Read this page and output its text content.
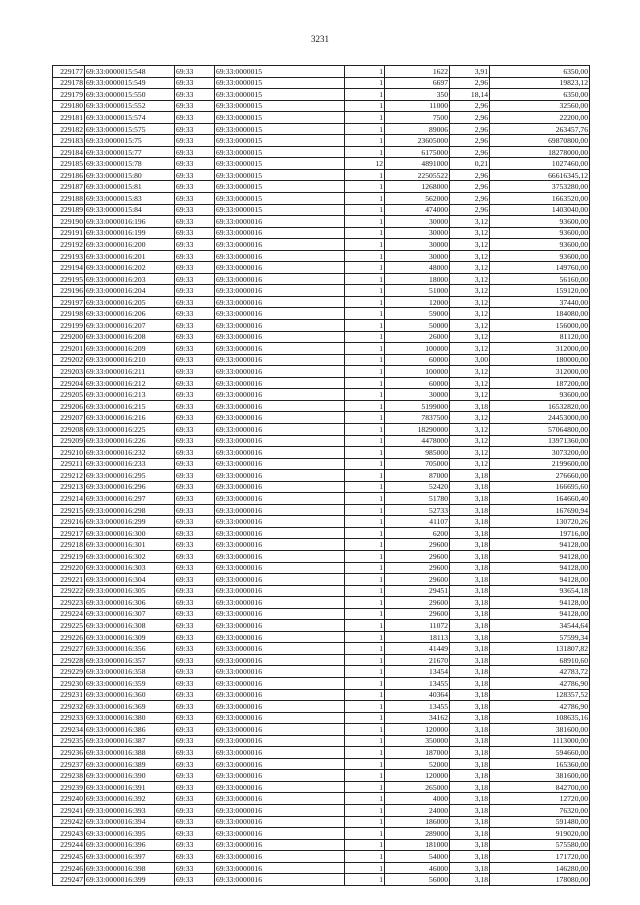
3231
229177	69:33:0000015:548	69:33	69:33:0000015	1	1622	3,91	6350,00
229178	69:33:0000015:549	69:33	69:33:0000015	1	6697	2,96	19823,12
229179	69:33:0000015:550	69:33	69:33:0000015	1	350	18,14	6350,00
229180	69:33:0000015:552	69:33	69:33:0000015	1	11000	2,96	32560,00
229181	69:33:0000015:574	69:33	69:33:0000015	1	7500	2,96	22200,00
229182	69:33:0000015:575	69:33	69:33:0000015	1	89006	2,96	263457,76
229183	69:33:0000015:75	69:33	69:33:0000015	1	23605000	2,96	69870800,00
229184	69:33:0000015:77	69:33	69:33:0000015	1	6175000	2,96	18278000,00
229185	69:33:0000015:78	69:33	69:33:0000015	12	4891000	0,21	1027460,00
229186	69:33:0000015:80	69:33	69:33:0000015	1	22505522	2,96	66616345,12
229187	69:33:0000015:81	69:33	69:33:0000015	1	1268000	2,96	3753280,00
229188	69:33:0000015:83	69:33	69:33:0000015	1	562000	2,96	1663520,00
229189	69:33:0000015:84	69:33	69:33:0000015	1	474000	2,96	1403040,00
229190	69:33:0000016:196	69:33	69:33:0000016	1	30000	3,12	93600,00
229191	69:33:0000016:199	69:33	69:33:0000016	1	30000	3,12	93600,00
229192	69:33:0000016:200	69:33	69:33:0000016	1	30000	3,12	93600,00
229193	69:33:0000016:201	69:33	69:33:0000016	1	30000	3,12	93600,00
229194	69:33:0000016:202	69:33	69:33:0000016	1	48000	3,12	149760,00
229195	69:33:0000016:203	69:33	69:33:0000016	1	18000	3,12	56160,00
229196	69:33:0000016:204	69:33	69:33:0000016	1	51000	3,12	159120,00
229197	69:33:0000016:205	69:33	69:33:0000016	1	12000	3,12	37440,00
229198	69:33:0000016:206	69:33	69:33:0000016	1	59000	3,12	184080,00
229199	69:33:0000016:207	69:33	69:33:0000016	1	50000	3,12	156000,00
229200	69:33:0000016:208	69:33	69:33:0000016	1	26000	3,12	81120,00
229201	69:33:0000016:209	69:33	69:33:0000016	1	100000	3,12	312000,00
229202	69:33:0000016:210	69:33	69:33:0000016	1	60000	3,00	180000,00
229203	69:33:0000016:211	69:33	69:33:0000016	1	100000	3,12	312000,00
229204	69:33:0000016:212	69:33	69:33:0000016	1	60000	3,12	187200,00
229205	69:33:0000016:213	69:33	69:33:0000016	1	30000	3,12	93600,00
229206	69:33:0000016:215	69:33	69:33:0000016	1	5199000	3,18	16532820,00
229207	69:33:0000016:216	69:33	69:33:0000016	1	7837500	3,12	24453000,00
229208	69:33:0000016:225	69:33	69:33:0000016	1	18290000	3,12	57064800,00
229209	69:33:0000016:226	69:33	69:33:0000016	1	4478000	3,12	13971360,00
229210	69:33:0000016:232	69:33	69:33:0000016	1	985000	3,12	3073200,00
229211	69:33:0000016:233	69:33	69:33:0000016	1	705000	3,12	2199600,00
229212	69:33:0000016:295	69:33	69:33:0000016	1	87000	3,18	276660,00
229213	69:33:0000016:296	69:33	69:33:0000016	1	52420	3,18	166695,60
229214	69:33:0000016:297	69:33	69:33:0000016	1	51780	3,18	164660,40
229215	69:33:0000016:298	69:33	69:33:0000016	1	52733	3,18	167690,94
229216	69:33:0000016:299	69:33	69:33:0000016	1	41107	3,18	130720,26
229217	69:33:0000016:300	69:33	69:33:0000016	1	6200	3,18	19716,00
229218	69:33:0000016:301	69:33	69:33:0000016	1	29600	3,18	94128,00
229219	69:33:0000016:302	69:33	69:33:0000016	1	29600	3,18	94128,00
229220	69:33:0000016:303	69:33	69:33:0000016	1	29600	3,18	94128,00
229221	69:33:0000016:304	69:33	69:33:0000016	1	29600	3,18	94128,00
229222	69:33:0000016:305	69:33	69:33:0000016	1	29451	3,18	93654,18
229223	69:33:0000016:306	69:33	69:33:0000016	1	29600	3,18	94128,00
229224	69:33:0000016:307	69:33	69:33:0000016	1	29600	3,18	94128,00
229225	69:33:0000016:308	69:33	69:33:0000016	1	11072	3,18	34544,64
229226	69:33:0000016:309	69:33	69:33:0000016	1	18113	3,18	57599,34
229227	69:33:0000016:356	69:33	69:33:0000016	1	41449	3,18	131807,82
229228	69:33:0000016:357	69:33	69:33:0000016	1	21670	3,18	68910,60
229229	69:33:0000016:358	69:33	69:33:0000016	1	13454	3,18	42783,72
229230	69:33:0000016:359	69:33	69:33:0000016	1	13455	3,18	42786,90
229231	69:33:0000016:360	69:33	69:33:0000016	1	40364	3,18	128357,52
229232	69:33:0000016:369	69:33	69:33:0000016	1	13455	3,18	42786,90
229233	69:33:0000016:380	69:33	69:33:0000016	1	34162	3,18	108635,16
229234	69:33:0000016:386	69:33	69:33:0000016	1	120000	3,18	381600,00
229235	69:33:0000016:387	69:33	69:33:0000016	1	350000	3,18	1113000,00
229236	69:33:0000016:388	69:33	69:33:0000016	1	187000	3,18	594660,00
229237	69:33:0000016:389	69:33	69:33:0000016	1	52000	3,18	165360,00
229238	69:33:0000016:390	69:33	69:33:0000016	1	120000	3,18	381600,00
229239	69:33:0000016:391	69:33	69:33:0000016	1	265000	3,18	842700,00
229240	69:33:0000016:392	69:33	69:33:0000016	1	4000	3,18	12720,00
229241	69:33:0000016:393	69:33	69:33:0000016	1	24000	3,18	76320,00
229242	69:33:0000016:394	69:33	69:33:0000016	1	186000	3,18	591480,00
229243	69:33:0000016:395	69:33	69:33:0000016	1	289000	3,18	919020,00
229244	69:33:0000016:396	69:33	69:33:0000016	1	181000	3,18	575580,00
229245	69:33:0000016:397	69:33	69:33:0000016	1	54000	3,18	171720,00
229246	69:33:0000016:398	69:33	69:33:0000016	1	46000	3,18	146280,00
229247	69:33:0000016:399	69:33	69:33:0000016	1	56000	3,18	178080,00
